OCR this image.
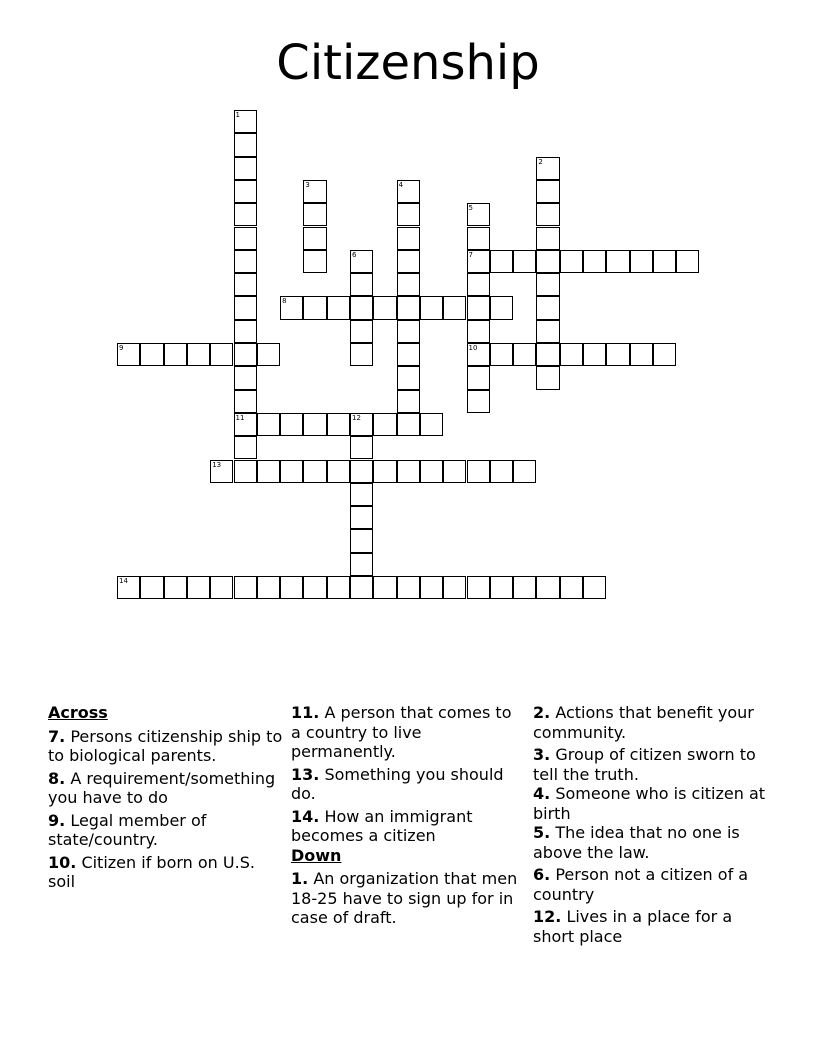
Citizenship
1
11
2
3	4
5
7
10
6
8
9
12
13
14
Across
7. Persons citizenship ship to to biological parents.
8. A requirement/something you have to do
9. Legal member of state/country.
10. Citizen if born on U.S. soil
11. A person that comes to a country to live permanently.
13. Something you should do.
14. How an immigrant becomes a citizen
Down
1. An organization that men 18-25 have to sign up for in case of draft.
2. Actions that benefit your community.
3. Group of citizen sworn to tell the truth.
4. Someone who is citizen at birth
5. The idea that no one is above the law.
6. Person not a citizen of a country
12. Lives in a place for a short place
